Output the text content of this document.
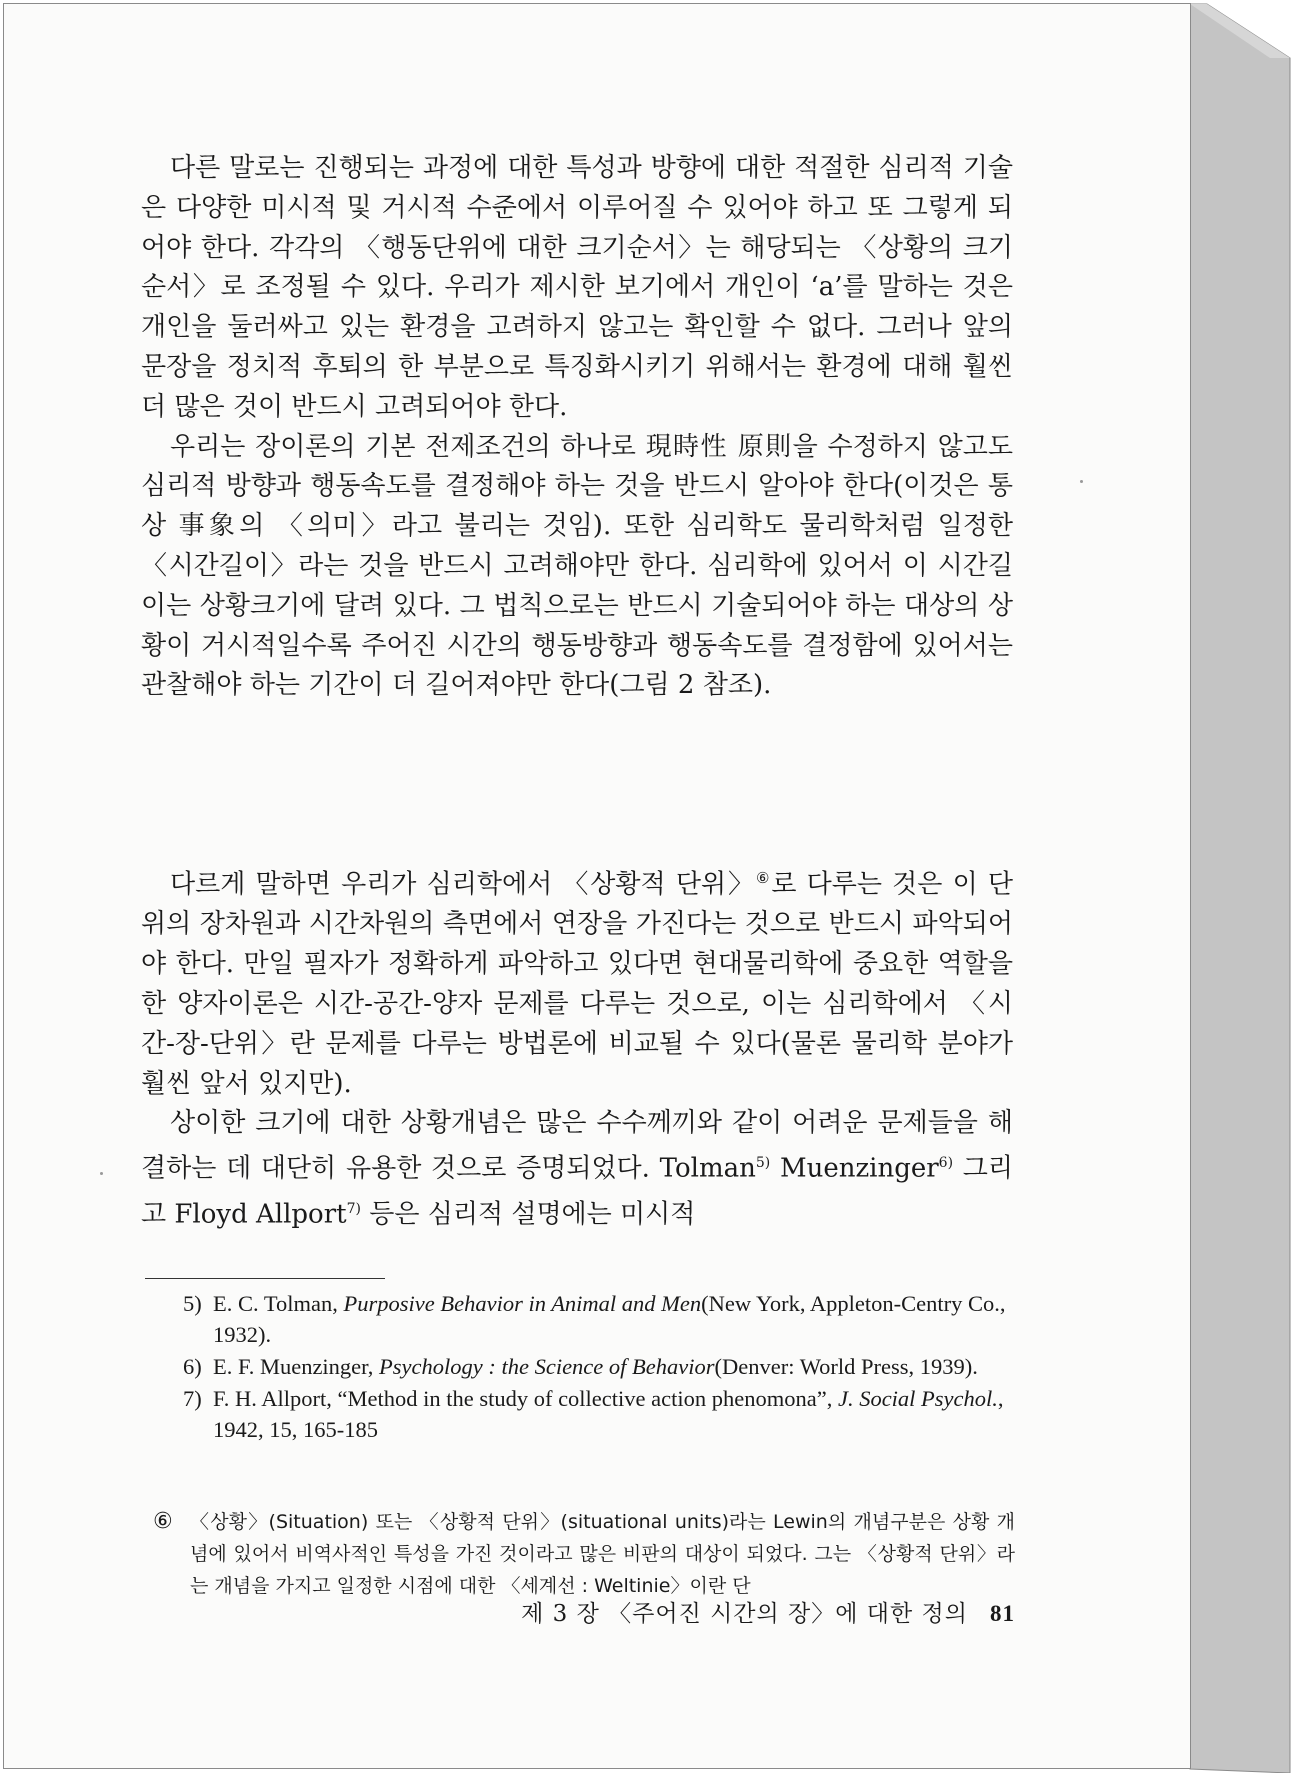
다른 말로는 진행되는 과정에 대한 특성과 방향에 대한 적절한 심리적 기술은 다양한 미시적 및 거시적 수준에서 이루어질 수 있어야 하고 또 그렇게 되어야 한다. 각각의 〈행동단위에 대한 크기순서〉는 해당되는 〈상황의 크기순서〉로 조정될 수 있다. 우리가 제시한 보기에서 개인이 ‘a’를 말하는 것은 개인을 둘러싸고 있는 환경을 고려하지 않고는 확인할 수 없다. 그러나 앞의 문장을 정치적 후퇴의 한 부분으로 특징화시키기 위해서는 환경에 대해 훨씬 더 많은 것이 반드시 고려되어야 한다.

우리는 장이론의 기본 전제조건의 하나로 現時性 原則을 수정하지 않고도 심리적 방향과 행동속도를 결정해야 하는 것을 반드시 알아야 한다(이것은 통상 事象의 〈의미〉라고 불리는 것임). 또한 심리학도 물리학처럼 일정한 〈시간길이〉라는 것을 반드시 고려해야만 한다. 심리학에 있어서 이 시간길이는 상황크기에 달려 있다. 그 법칙으로는 반드시 기술되어야 하는 대상의 상황이 거시적일수록 주어진 시간의 행동방향과 행동속도를 결정함에 있어서는 관찰해야 하는 기간이 더 길어져야만 한다(그림 2 참조).

다르게 말하면 우리가 심리학에서 〈상황적 단위〉⑥로 다루는 것은 이 단위의 장차원과 시간차원의 측면에서 연장을 가진다는 것으로 반드시 파악되어야 한다. 만일 필자가 정확하게 파악하고 있다면 현대물리학에 중요한 역할을 한 양자이론은 시간-공간-양자 문제를 다루는 것으로, 이는 심리학에서 〈시간-장-단위〉란 문제를 다루는 방법론에 비교될 수 있다(물론 물리학 분야가 훨씬 앞서 있지만).

상이한 크기에 대한 상황개념은 많은 수수께끼와 같이 어려운 문제들을 해결하는 데 대단히 유용한 것으로 증명되었다. Tolman$^{5)}$ Muenzinger$^{6)}$ 그리고 Floyd Allport$^{7)}$ 등은 심리적 설명에는 미시적

5) E. C. Tolman, Purposive Behavior in Animal and Men(New York, Appleton-Centry Co., 1932).
6) E. F. Muenzinger, Psychology : the Science of Behavior(Denver: World Press, 1939).
7) F. H. Allport, “Method in the study of collective action phenomona”, J. Social Psychol., 1942, 15, 165-185
⑥ 〈상황〉(Situation) 또는 〈상황적 단위〉(situational units)라는 Lewin의 개념구분은 상황 개념에 있어서 비역사적인 특성을 가진 것이라고 많은 비판의 대상이 되었다. 그는 〈상황적 단위〉라는 개념을 가지고 일정한 시점에 대한 〈세계선 : Weltinie〉이란 단
제 3 장 〈주어진 시간의 장〉에 대한 정의 81
